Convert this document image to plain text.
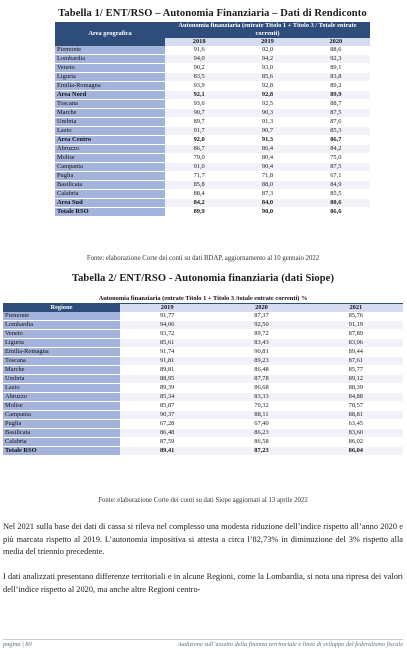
Tabella 1/ ENT/RSO – Autonomia Finanziaria – Dati di Rendiconto

Area geografica	Autonomia finanziaria (entrate Titolo 1 + Titolo 3 / Totale entrate correnti)		
	2018	2019	2020
Piemonte	91,6	92,0	88,6
Lombardia	94,0	94,2	92,3
Veneto	90,2	93,0	89,1
Liguria	83,5	85,6	83,8
Emilia-Romagna	93,9	92,8	89,2
Area Nord	92,1	92,8	89,9
Toscana	93,6	92,5	88,7
Marche	90,7	90,3	87,5
Umbria	89,7	91,3	87,6
Lazio	91,7	90,7	85,3
Area Centro	92,0	91,3	86,7
Abruzzo	86,7	86,4	84,2
Molise	79,0	80,4	75,0
Campania	91,0	90,4	87,5
Puglia	71,7	71,8	67,1
Basilicata	85,8	88,0	84,9
Calabria	88,4	87,3	85,5
Area Sud	84,2	84,0	80,6
Totale RSO	89,9	90,0	86,6
Fonte: elaborazione Corte dei conti su dati BDAP, aggiornamento al 10 gennaio 2022

Tabella 2/ ENT/RSO - Autonomia finanziaria (dati Siope)

Autonomia finanziaria (entrate Titolo 1 + Titolo 3 /totale entrate correnti) %			
Regione	2019	2020	2021
Piemonte	91,77	87,37	85,76
Lombardia	94,06	92,50	91,19
Veneto	93,72	89,72	87,89
Liguria	85,61	83,43	83,06
Emilia-Romagna	91,74	90,81	89,44
Toscana	91,81	89,23	87,61
Marche	89,81	86,48	85,77
Umbria	88,95	87,78	89,12
Lazio	89,39	86,68	88,39
Abruzzo	85,34	83,33	84,88
Molise	85,87	70,32	78,57
Campania	90,37	88,11	88,81
Puglia	67,28	67,40	63,45
Basilicata	86,48	86,23	83,60
Calabria	87,59	86,58	86,02
Totale RSO	89,41	87,23	86,04
Fonte: elaborazione Corte dei conti su dati Siope aggiornati al 13 aprile 2022

Nel 2021 sulla base dei dati di cassa si rileva nel complesso una modesta riduzione dell’indice rispetto all’anno 2020 e più marcata rispetto al 2019. L’autonomia impositiva si attesta a circa l’82,73% in diminuzione del 3% rispetto alla media del triennio precedente.

I dati analizzati presentano differenze territoriali e in alcune Regioni, come la Lombardia, si nota una ripresa dei valori dell’indice rispetto al 2020, ma anche altre Regioni centro-

pagina | 80	Audizione sull’assetto della finanza territoriale e linee di sviluppo del federalismo fiscale
